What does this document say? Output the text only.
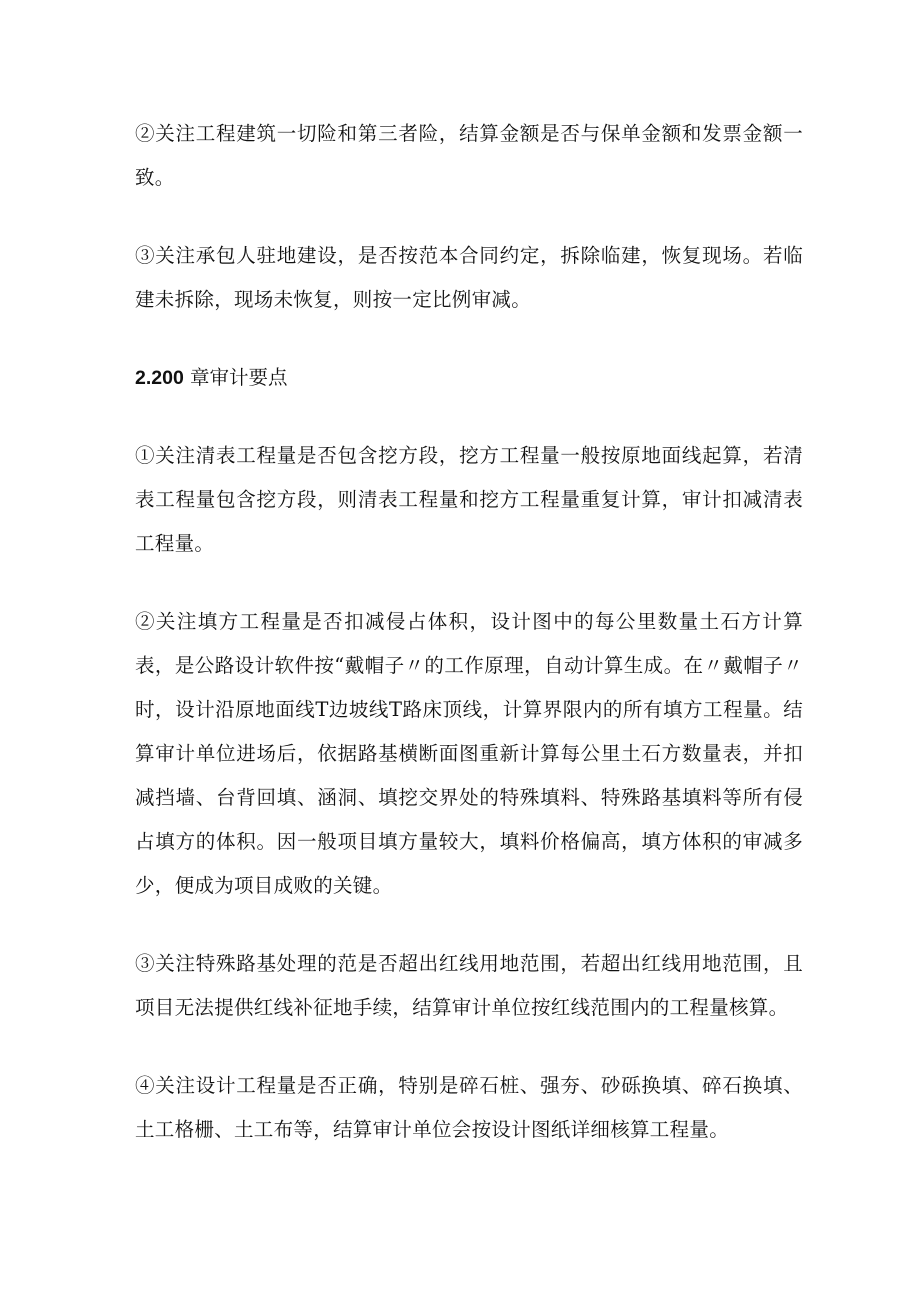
②关注工程建筑一切险和第三者险，结算金额是否与保单金额和发票金额一致。

③关注承包人驻地建设，是否按范本合同约定，拆除临建，恢复现场。若临建未拆除，现场未恢复，则按一定比例审减。

2.200 章审计要点

①关注清表工程量是否包含挖方段，挖方工程量一般按原地面线起算，若清表工程量包含挖方段，则清表工程量和挖方工程量重复计算，审计扣减清表工程量。

②关注填方工程量是否扣减侵占体积，设计图中的每公里数量土石方计算表，是公路设计软件按“戴帽子〃的工作原理，自动计算生成。在〃戴帽子〃时，设计沿原地面线T边坡线T路床顶线，计算界限内的所有填方工程量。结算审计单位进场后，依据路基横断面图重新计算每公里土石方数量表，并扣减挡墙、台背回填、涵洞、填挖交界处的特殊填料、特殊路基填料等所有侵占填方的体积。因一般项目填方量较大，填料价格偏高，填方体积的审减多少，便成为项目成败的关键。

③关注特殊路基处理的范是否超出红线用地范围，若超出红线用地范围，且项目无法提供红线补征地手续，结算审计单位按红线范围内的工程量核算。

④关注设计工程量是否正确，特别是碎石桩、强夯、砂砾换填、碎石换填、土工格栅、土工布等，结算审计单位会按设计图纸详细核算工程量。
